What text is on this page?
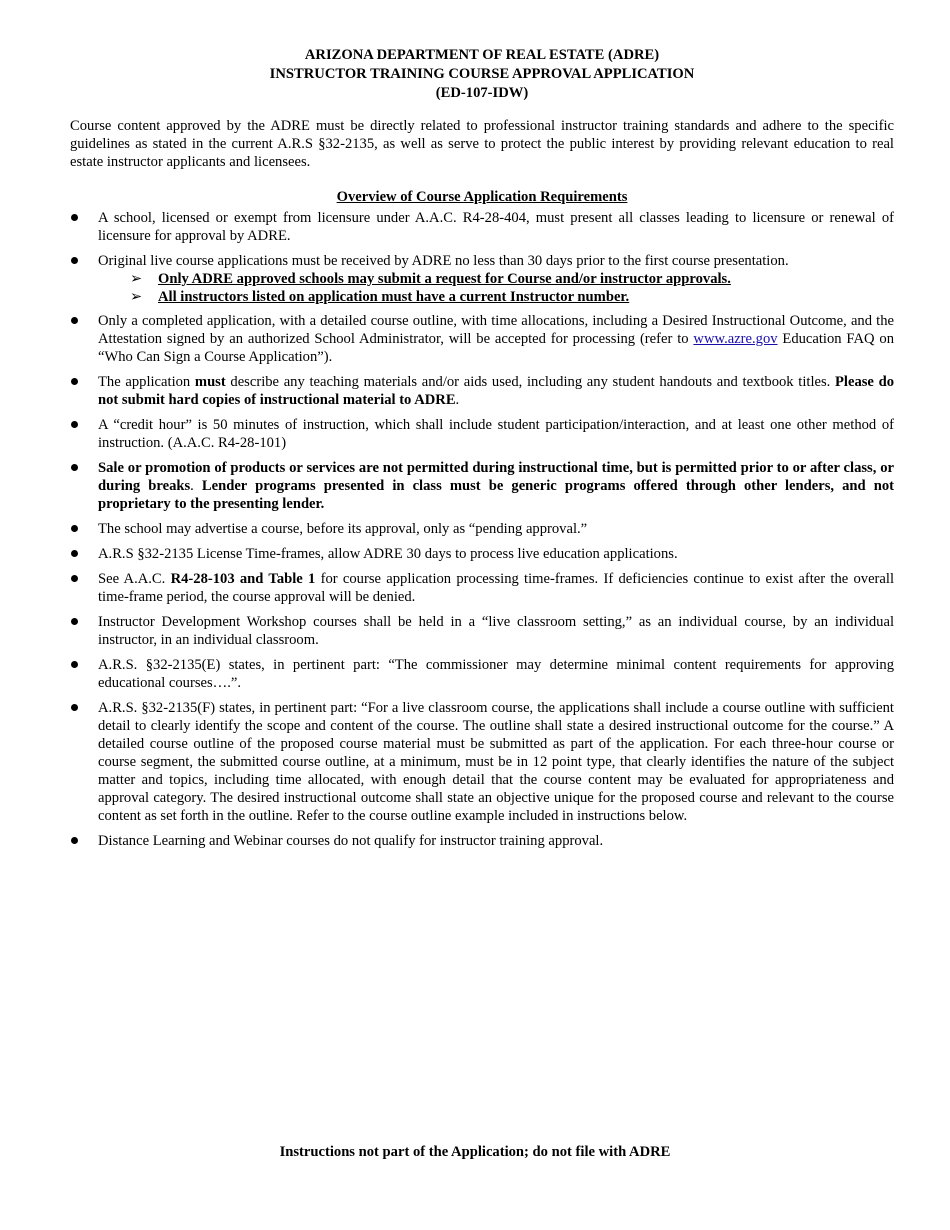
ARIZONA DEPARTMENT OF REAL ESTATE (ADRE)
INSTRUCTOR TRAINING COURSE APPROVAL APPLICATION
(ED-107-IDW)
Course content approved by the ADRE must be directly related to professional instructor training standards and adhere to the specific guidelines as stated in the current A.R.S §32-2135, as well as serve to protect the public interest by providing relevant education to real estate instructor applicants and licensees.
Overview of Course Application Requirements
A school, licensed or exempt from licensure under A.A.C. R4-28-404, must present all classes leading to licensure or renewal of licensure for approval by ADRE.
Original live course applications must be received by ADRE no less than 30 days prior to the first course presentation.
➢ Only ADRE approved schools may submit a request for Course and/or instructor approvals.
➢ All instructors listed on application must have a current Instructor number.
Only a completed application, with a detailed course outline, with time allocations, including a Desired Instructional Outcome, and the Attestation signed by an authorized School Administrator, will be accepted for processing (refer to www.azre.gov Education FAQ on “Who Can Sign a Course Application”).
The application must describe any teaching materials and/or aids used, including any student handouts and textbook titles. Please do not submit hard copies of instructional material to ADRE.
A “credit hour” is 50 minutes of instruction, which shall include student participation/interaction, and at least one other method of instruction. (A.A.C. R4-28-101)
Sale or promotion of products or services are not permitted during instructional time, but is permitted prior to or after class, or during breaks. Lender programs presented in class must be generic programs offered through other lenders, and not proprietary to the presenting lender.
The school may advertise a course, before its approval, only as “pending approval.”
A.R.S §32-2135 License Time-frames, allow ADRE 30 days to process live education applications.
See A.A.C. R4-28-103 and Table 1 for course application processing time-frames. If deficiencies continue to exist after the overall time-frame period, the course approval will be denied.
Instructor Development Workshop courses shall be held in a “live classroom setting,” as an individual course, by an individual instructor, in an individual classroom.
A.R.S. §32-2135(E) states, in pertinent part: “The commissioner may determine minimal content requirements for approving educational courses….”.
A.R.S. §32-2135(F) states, in pertinent part: “For a live classroom course, the applications shall include a course outline with sufficient detail to clearly identify the scope and content of the course. The outline shall state a desired instructional outcome for the course.” A detailed course outline of the proposed course material must be submitted as part of the application. For each three-hour course or course segment, the submitted course outline, at a minimum, must be in 12 point type, that clearly identifies the nature of the subject matter and topics, including time allocated, with enough detail that the course content may be evaluated for appropriateness and approval category. The desired instructional outcome shall state an objective unique for the proposed course and relevant to the course content as set forth in the outline. Refer to the course outline example included in instructions below.
Distance Learning and Webinar courses do not qualify for instructor training approval.
Instructions not part of the Application; do not file with ADRE
